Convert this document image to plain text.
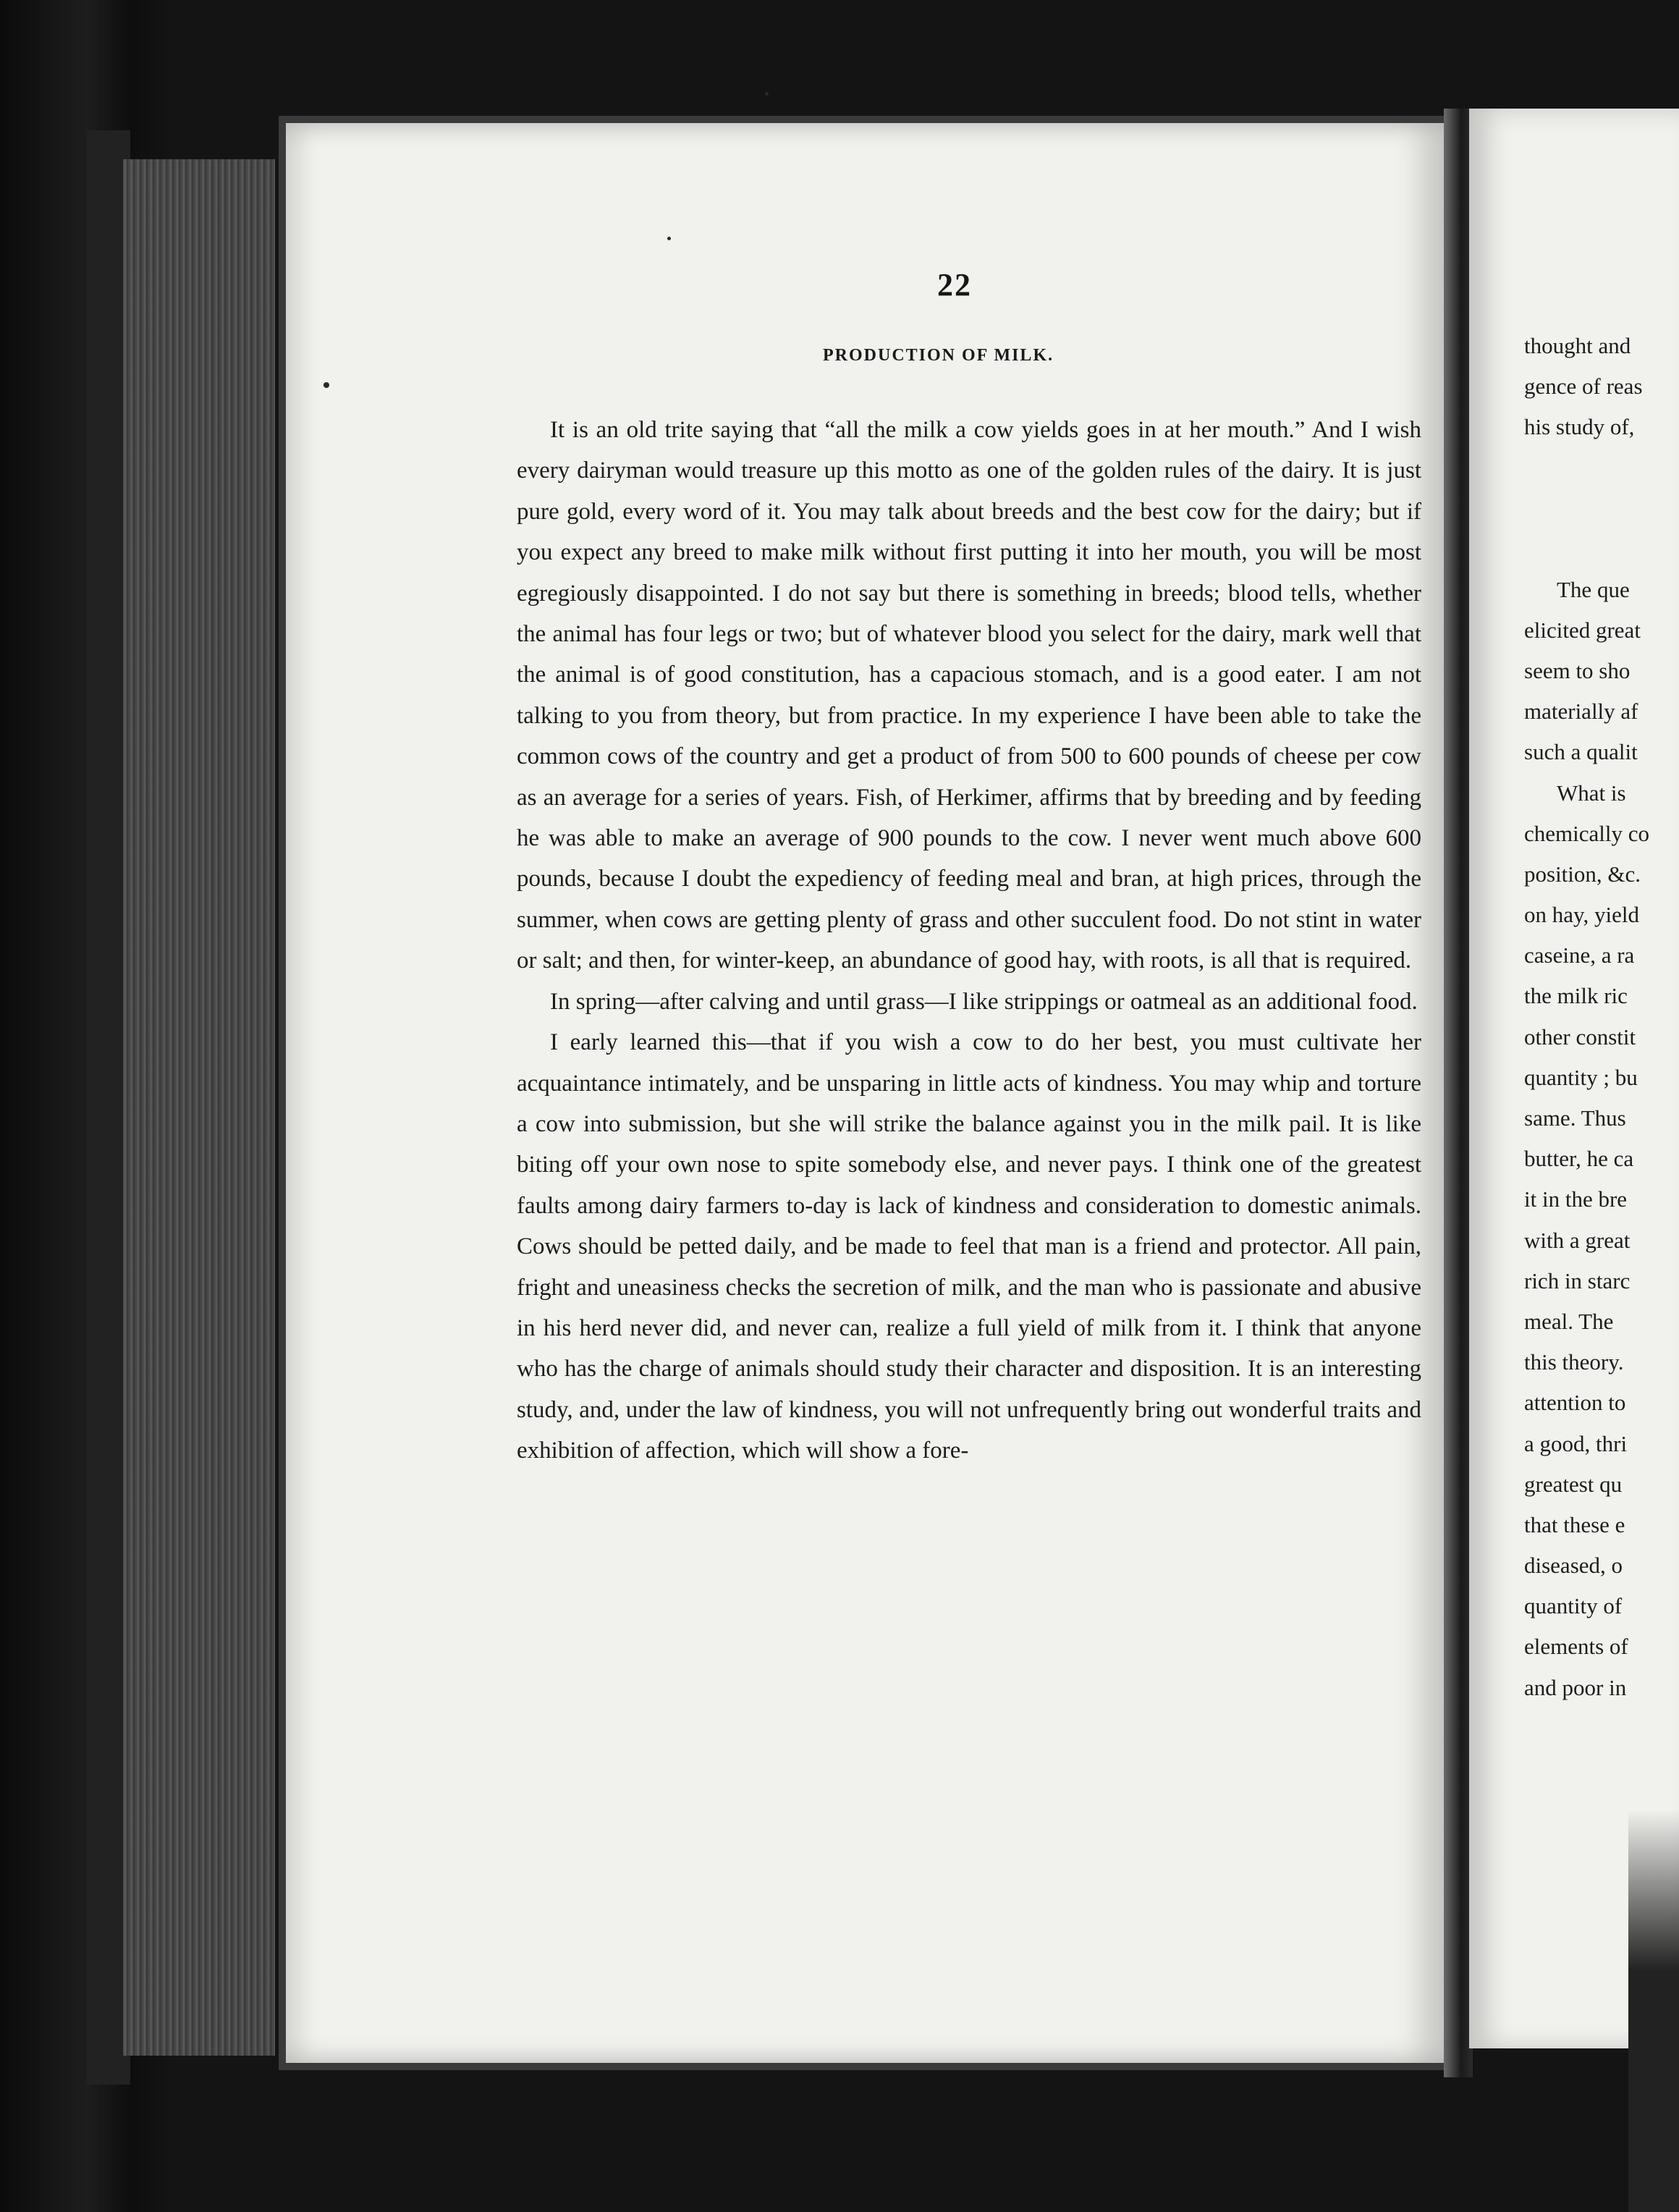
22
PRODUCTION OF MILK.

It is an old trite saying that “all the milk a cow yields goes in at her mouth.” And I wish every dairyman would treasure up this motto as one of the golden rules of the dairy. It is just pure gold, every word of it. You may talk about breeds and the best cow for the dairy; but if you expect any breed to make milk without first putting it into her mouth, you will be most egregiously disappointed. I do not say but there is something in breeds; blood tells, whether the animal has four legs or two; but of whatever blood you select for the dairy, mark well that the animal is of good constitution, has a capacious stomach, and is a good eater. I am not talking to you from theory, but from practice. In my experience I have been able to take the common cows of the country and get a product of from 500 to 600 pounds of cheese per cow as an average for a series of years. Fish, of Herkimer, affirms that by breeding and by feeding he was able to make an average of 900 pounds to the cow. I never went much above 600 pounds, because I doubt the expediency of feeding meal and bran, at high prices, through the summer, when cows are getting plenty of grass and other succulent food. Do not stint in water or salt; and then, for winter-keep, an abundance of good hay, with roots, is all that is required.

In spring—after calving and until grass—I like strippings or oatmeal as an additional food.

I early learned this—that if you wish a cow to do her best, you must cultivate her acquaintance intimately, and be unsparing in little acts of kindness. You may whip and torture a cow into submission, but she will strike the balance against you in the milk pail. It is like biting off your own nose to spite somebody else, and never pays. I think one of the greatest faults among dairy farmers to-day is lack of kindness and consideration to domestic animals. Cows should be petted daily, and be made to feel that man is a friend and protector. All pain, fright and uneasiness checks the secretion of milk, and the man who is passionate and abusive in his herd never did, and never can, realize a full yield of milk from it. I think that anyone who has the charge of animals should study their character and disposition. It is an interesting study, and, under the law of kindness, you will not unfrequently bring out wonderful traits and exhibition of affection, which will show a fore-

thought and
gence of reas
his study of,
The que
elicited great
seem to sho
materially af
such a qualit
What is
chemically co
position, &c.
on hay, yield
caseine, a ra
the milk ric
other constit
quantity ; bu
same. Thus
butter, he ca
it in the bre
with a great
rich in starc
meal. The
this theory.
attention to
a good, thri
greatest qu
that these e
diseased, o
quantity of
elements of
and poor in
